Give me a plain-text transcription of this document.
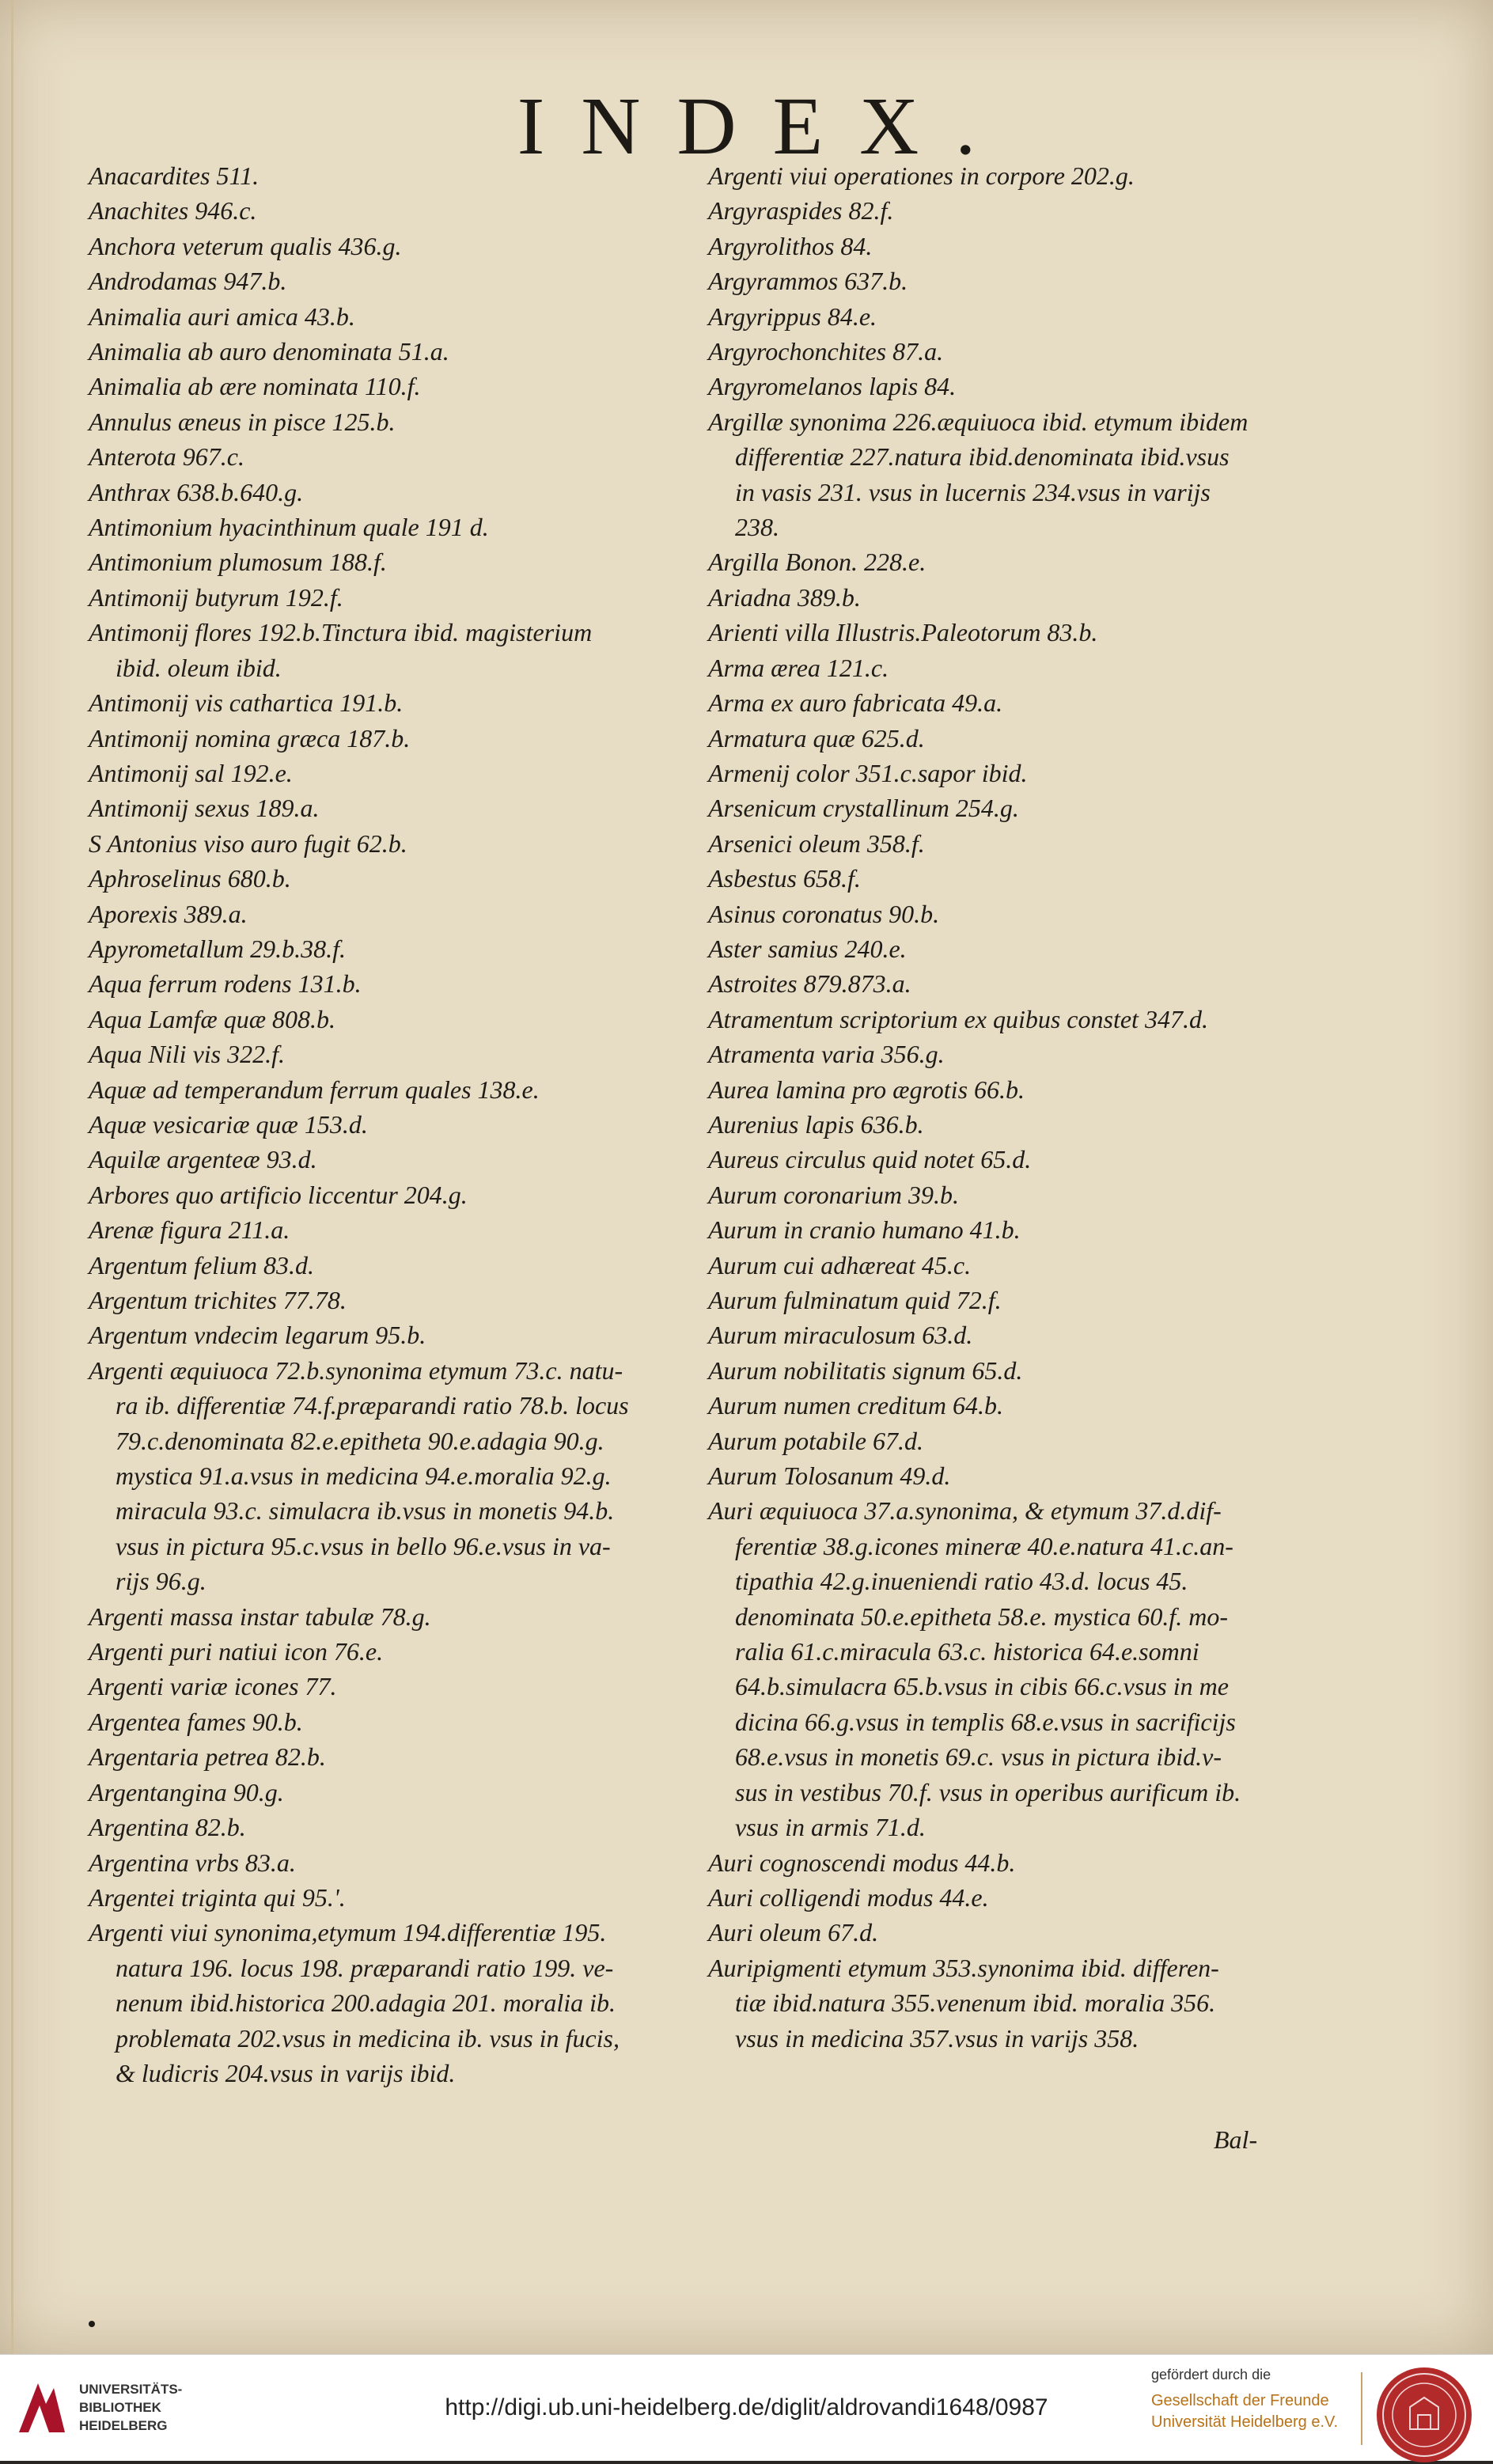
INDEX.
Anacardites 511.
Anachites 946.c.
Anchora veterum qualis 436.g.
Androdamas 947.b.
Animalia auri amica 43.b.
Animalia ab auro denominata 51.a.
Animalia ab ære nominata 110.f.
Annulus æneus in pisce 125.b.
Anterota 967.c.
Anthrax 638.b.640.g.
Antimonium hyacinthinum quale 191 d.
Antimonium plumosum 188.f.
Antimonij butyrum 192.f.
Antimonij flores 192.b.Tinctura ibid. magisterium
ibid. oleum ibid.
Antimonij vis cathartica 191.b.
Antimonij nomina græca 187.b.
Antimonij sal 192.e.
Antimonij sexus 189.a.
S Antonius viso auro fugit 62.b.
Aphroselinus 680.b.
Aporexis 389.a.
Apyrometallum 29.b.38.f.
Aqua ferrum rodens 131.b.
Aqua Lamfæ quæ 808.b.
Aqua Nili vis 322.f.
Aquæ ad temperandum ferrum quales 138.e.
Aquæ vesicariæ quæ 153.d.
Aquilæ argenteæ 93.d.
Arbores quo artificio liccentur 204.g.
Arenæ figura 211.a.
Argentum felium 83.d.
Argentum trichites 77.78.
Argentum vndecim legarum 95.b.
Argenti æquiuoca 72.b.synonima etymum 73.c. natu-
ra ib. differentiæ 74.f.præparandi ratio 78.b. locus
79.c.denominata 82.e.epitheta 90.e.adagia 90.g.
mystica 91.a.vsus in medicina 94.e.moralia 92.g.
miracula 93.c. simulacra ib.vsus in monetis 94.b.
vsus in pictura 95.c.vsus in bello 96.e.vsus in va-
rijs 96.g.
Argenti massa instar tabulæ 78.g.
Argenti puri natiui icon 76.e.
Argenti variæ icones 77.
Argentea fames 90.b.
Argentaria petrea 82.b.
Argentangina 90.g.
Argentina 82.b.
Argentina vrbs 83.a.
Argentei triginta qui 95.'.
Argenti viui synonima,etymum 194.differentiæ 195.
natura 196. locus 198. præparandi ratio 199. ve-
nenum ibid.historica 200.adagia 201. moralia ib.
problemata 202.vsus in medicina ib. vsus in fucis,
& ludicris 204.vsus in varijs ibid.
Argenti viui operationes in corpore 202.g.
Argyraspides 82.f.
Argyrolithos 84.
Argyrammos 637.b.
Argyrippus 84.e.
Argyrochonchites 87.a.
Argyromelanos lapis 84.
Argillæ synonima 226.æquiuoca ibid. etymum ibidem
differentiæ 227.natura ibid.denominata ibid.vsus
in vasis 231. vsus in lucernis 234.vsus in varijs
238.
Argilla Bonon. 228.e.
Ariadna 389.b.
Arienti villa Illustris.Paleotorum 83.b.
Arma ærea 121.c.
Arma ex auro fabricata 49.a.
Armatura quæ 625.d.
Armenij color 351.c.sapor ibid.
Arsenicum crystallinum 254.g.
Arsenici oleum 358.f.
Asbestus 658.f.
Asinus coronatus 90.b.
Aster samius 240.e.
Astroites 879.873.a.
Atramentum scriptorium ex quibus constet 347.d.
Atramenta varia 356.g.
Aurea lamina pro ægrotis 66.b.
Aurenius lapis 636.b.
Aureus circulus quid notet 65.d.
Aurum coronarium 39.b.
Aurum in cranio humano 41.b.
Aurum cui adhæreat 45.c.
Aurum fulminatum quid 72.f.
Aurum miraculosum 63.d.
Aurum nobilitatis signum 65.d.
Aurum numen creditum 64.b.
Aurum potabile 67.d.
Aurum Tolosanum 49.d.
Auri æquiuoca 37.a.synonima, & etymum 37.d.dif-
ferentiæ 38.g.icones mineræ 40.e.natura 41.c.an-
tipathia 42.g.inueniendi ratio 43.d. locus 45.
denominata 50.e.epitheta 58.e. mystica 60.f. mo-
ralia 61.c.miracula 63.c. historica 64.e.somni
64.b.simulacra 65.b.vsus in cibis 66.c.vsus in me
dicina 66.g.vsus in templis 68.e.vsus in sacrificijs
68.e.vsus in monetis 69.c. vsus in pictura ibid.v-
sus in vestibus 70.f. vsus in operibus aurificum ib.
vsus in armis 71.d.
Auri cognoscendi modus 44.b.
Auri colligendi modus 44.e.
Auri oleum 67.d.
Auripigmenti etymum 353.synonima ibid. differen-
tiæ ibid.natura 355.venenum ibid. moralia 356.
vsus in medicina 357.vsus in varijs 358.
Bal-
UNIVERSITÄTS-
BIBLIOTHEK
HEIDELBERG
http://digi.ub.uni-heidelberg.de/diglit/aldrovandi1648/0987
gefördert durch die
Gesellschaft der Freunde
Universität Heidelberg e.V.
